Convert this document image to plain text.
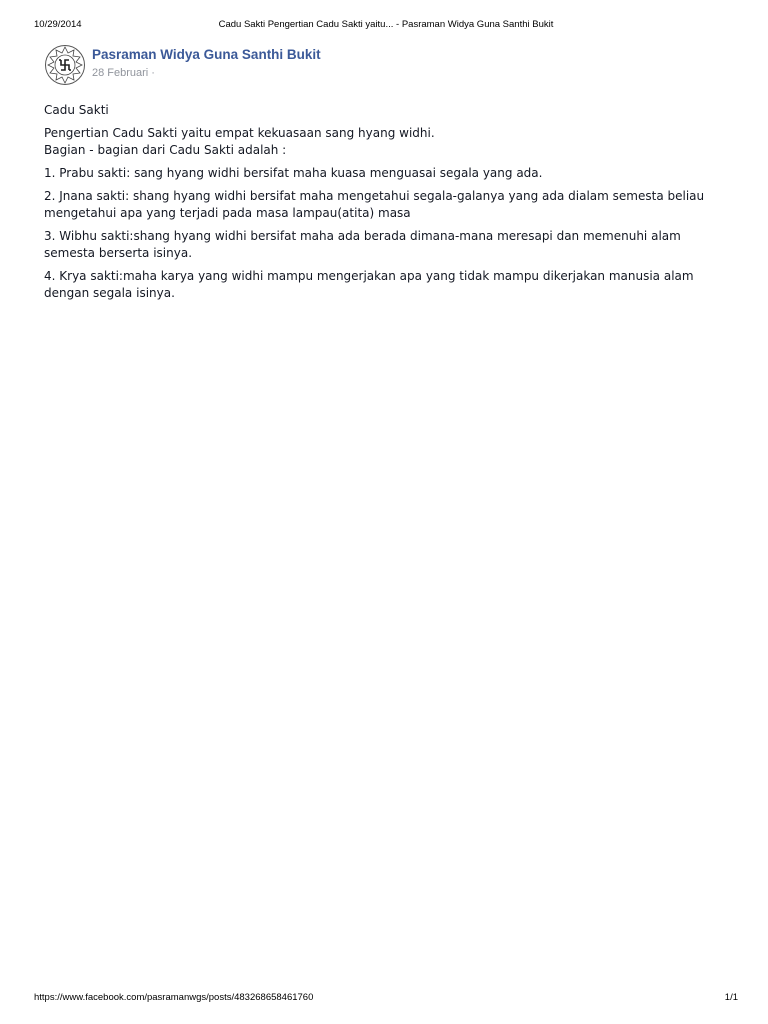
10/29/2014	Cadu Sakti Pengertian Cadu Sakti yaitu... - Pasraman Widya Guna Santhi Bukit
Pasraman Widya Guna Santhi Bukit
28 Februari ·

Cadu Sakti

Pengertian Cadu Sakti yaitu empat kekuasaan sang hyang widhi.
Bagian - bagian dari Cadu Sakti adalah :

1. Prabu sakti: sang hyang widhi bersifat maha kuasa menguasai segala yang ada.

2. Jnana sakti: shang hyang widhi bersifat maha mengetahui segala-galanya yang ada dialam semesta beliau mengetahui apa yang terjadi pada masa lampau(atita) masa

3. Wibhu sakti:shang hyang widhi bersifat maha ada berada dimana-mana meresapi dan memenuhi alam semesta berserta isinya.

4. Krya sakti:maha karya yang widhi mampu mengerjakan apa yang tidak mampu dikerjakan manusia alam dengan segala isinya.

https://www.facebook.com/pasramanwgs/posts/483268658461760	1/1
